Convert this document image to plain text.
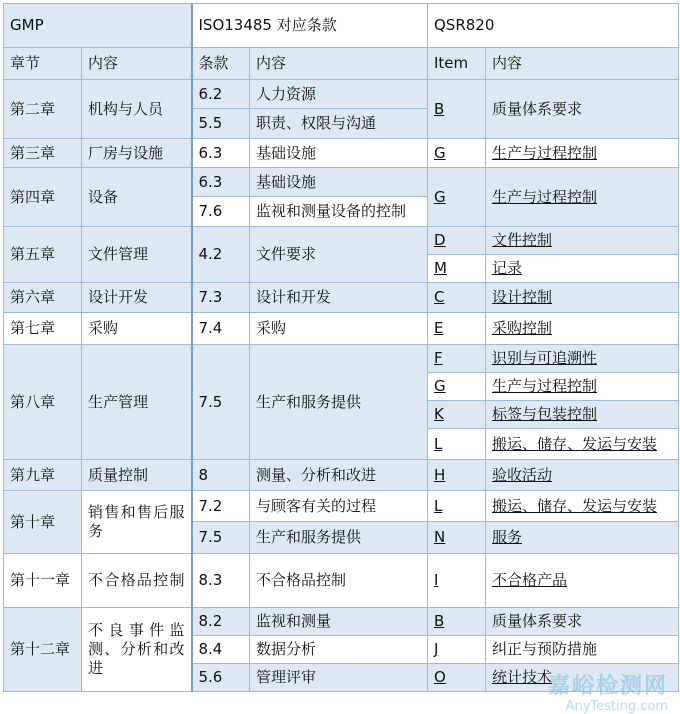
GMP		ISO13485 对应条款		QSR820	
章节	内容	条款	内容	Item	内容
第二章	机构与人员	6.2	人力资源	B	质量体系要求
		5.5	职责、权限与沟通		
第三章	厂房与设施	6.3	基础设施	G	生产与过程控制
第四章	设备	6.3	基础设施	G	生产与过程控制
		7.6	监视和测量设备的控制		
第五章	文件管理	4.2	文件要求	D	文件控制
				M	记录
第六章	设计开发	7.3	设计和开发	C	设计控制
第七章	采购	7.4	采购	E	采购控制
第八章	生产管理	7.5	生产和服务提供	F	识别与可追溯性
				G	生产与过程控制
				K	标签与包装控制
				L	搬运、储存、发运与安装
第九章	质量控制	8	测量、分析和改进	H	验收活动
第十章	销售和售后服务	7.2	与顾客有关的过程	L	搬运、储存、发运与安装
		7.5	生产和服务提供	N	服务
第十一章	不合格品控制	8.3	不合格品控制	I	不合格产品
第十二章	不良事件监测、分析和改进	8.2	监视和测量	B	质量体系要求
		8.4	数据分析	J	纠正与预防措施
		5.6	管理评审	O	统计技术
嘉峪检测网
AnyTesting.com
